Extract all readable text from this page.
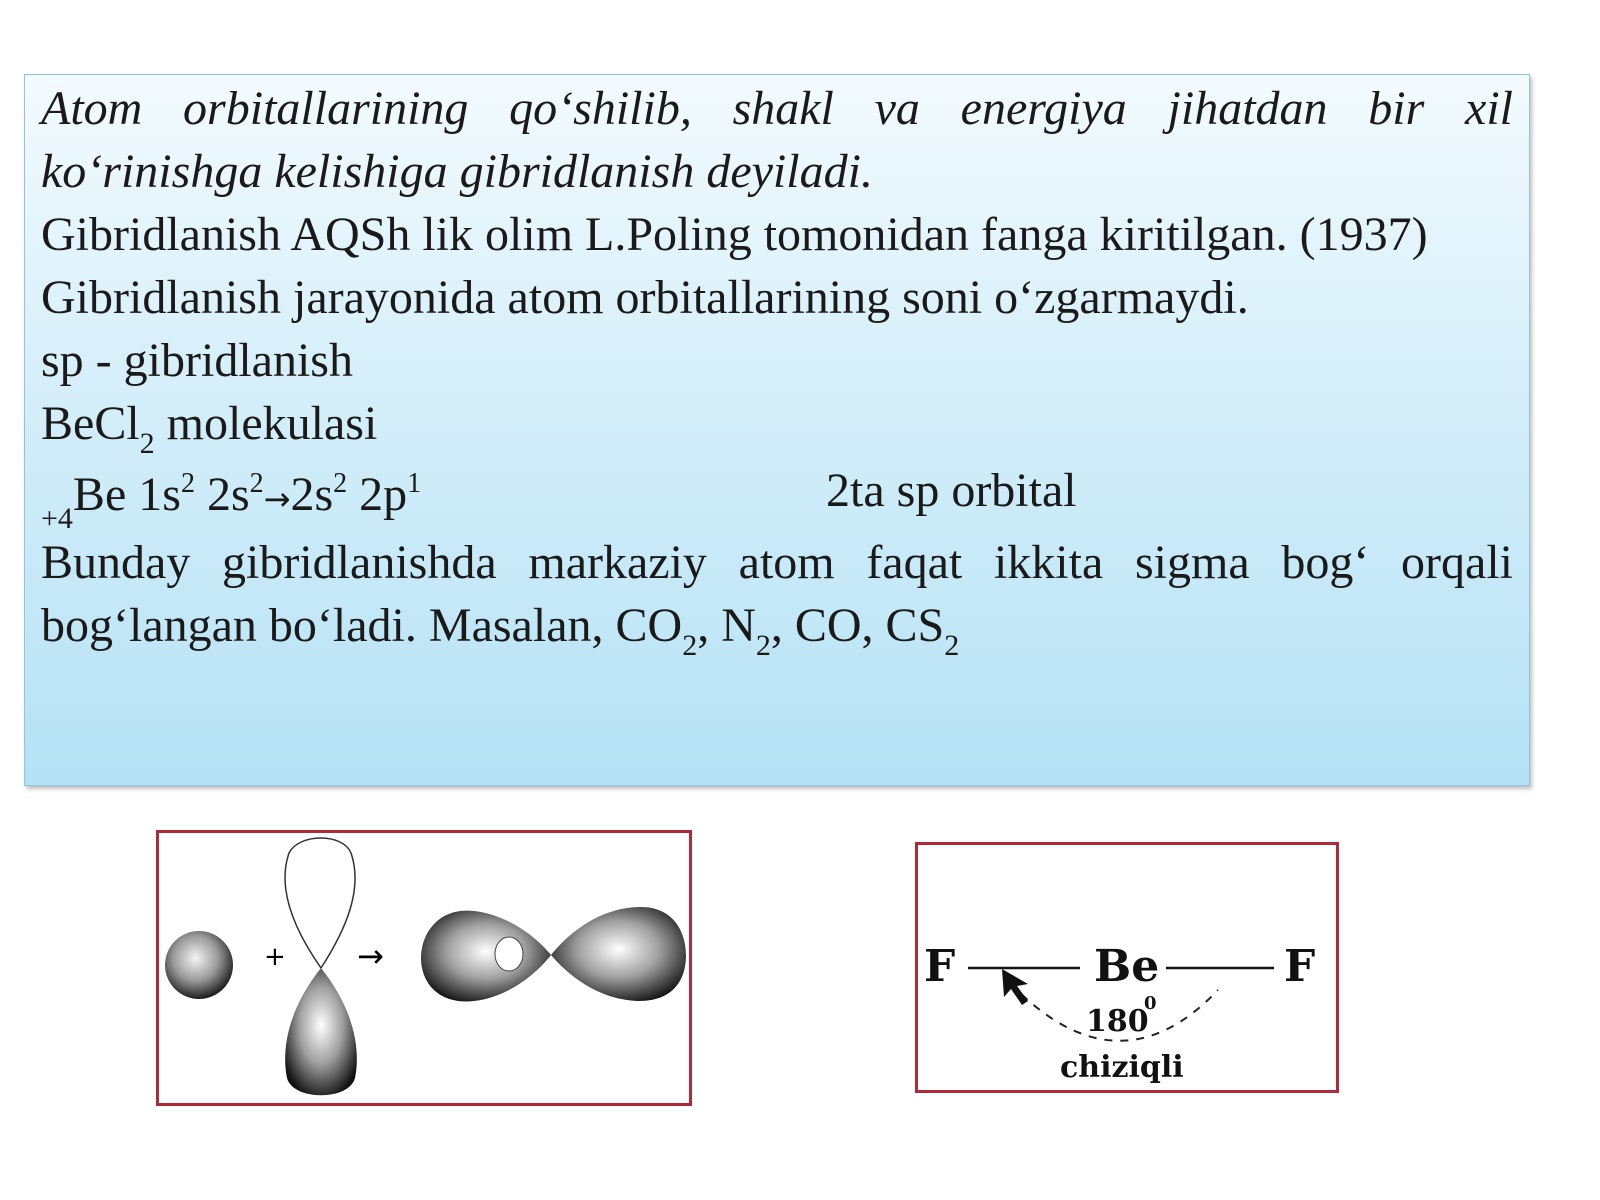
Atom orbitallarining qo‘shilib, shakl va energiya jihatdan bir xil ko‘rinishga kelishiga gibridlanish deyiladi.

Gibridlanish AQSh lik olim L.Poling tomonidan fanga kiritilgan. (1937)

Gibridlanish jarayonida atom orbitallarining soni o‘zgarmaydi.

sp - gibridlanish

BeCl$_2$ molekulasi

$_{+4}$Be $1s^2$ $2s^2\to 2s^2$ $2p^1$	2ta sp orbital

Bunday gibridlanishda markaziy atom faqat ikkita sigma bog‘ orqali bog‘langan bo‘ladi. Masalan, $CO_2$, $N_2$, CO, $CS_2$

+ →	F	Be	F
180
0
chiziqli
